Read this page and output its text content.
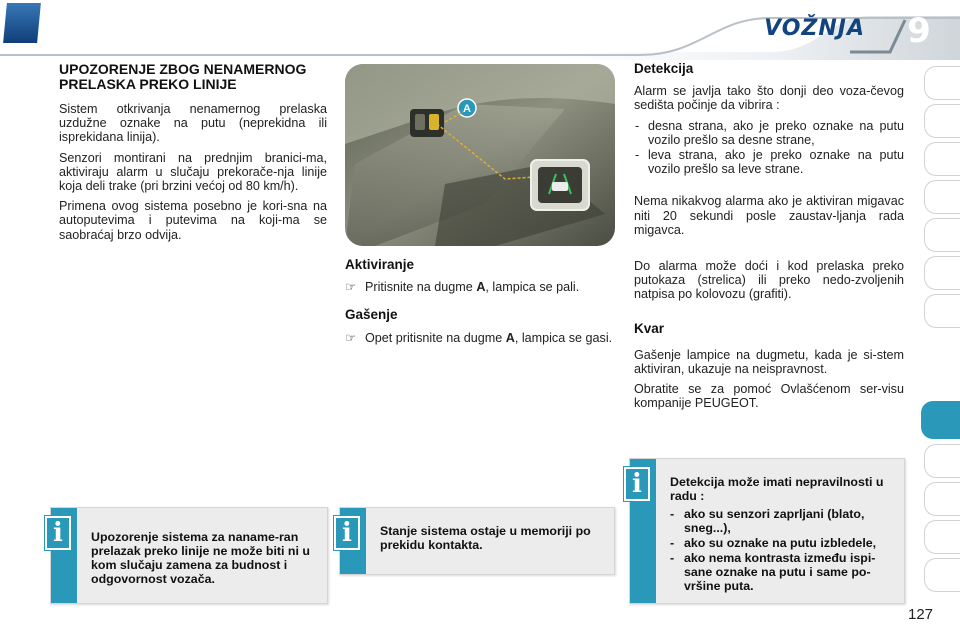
VOŽNJA 9
UPOZORENJE ZBOG NENAMERNOG PRELASKA PREKO LINIJE

Sistem otkrivanja nenamernog prelaska uzdužne oznake na putu (neprekidna ili isprekidana linija).

Senzori montirani na prednjim branici-ma, aktiviraju alarm u slučaju prekorače-nja linije koja deli trake (pri brzini većoj od 80 km/h).

Primena ovog sistema posebno je kori-sna na autoputevima i putevima na koji-ma se saobraćaj brzo odvija.

A
Aktiviranje
☞ Pritisnite na dugme A, lampica se pali.
Gašenje
☞ Opet pritisnite na dugme A, lampica se gasi.
Detekcija

Alarm se javlja tako što donji deo voza-čevog sedišta počinje da vibrira :

- desna strana, ako je preko oznake na putu vozilo prešlo sa desne strane,
- leva strana, ako je preko oznake na putu vozilo prešlo sa leve strane.

Nema nikakvog alarma ako je aktiviran migavac niti 20 sekundi posle zaustav-ljanja rada migavca.

Do alarma može doći i kod prelaska preko putokaza (strelica) ili preko nedo-zvoljenih natpisa po kolovozu (grafiti).

Kvar

Gašenje lampice na dugmetu, kada je si-stem aktiviran, ukazuje na neispravnost.

Obratite se za pomoć Ovlašćenom ser-visu kompanije PEUGEOT.

i	Upozorenje sistema za naname-ran prelazak preko linije ne može biti ni u kom slučaju zamena za budnost i odgovornost vozača.
i	Stanje sistema ostaje u memoriji po prekidu kontakta.
i	Detekcija može imati nepravilnosti u radu :
- ako su senzori zaprljani (blato, sneg...),
- ako su oznake na putu izbledele,
- ako nema kontrasta između ispi-sane oznake na putu i same po-vršine puta.
127
